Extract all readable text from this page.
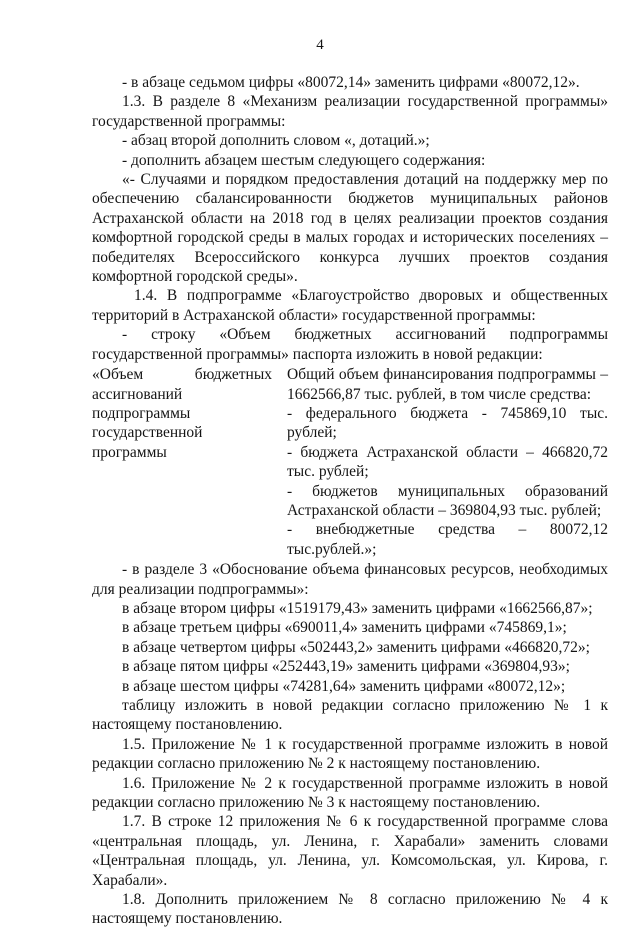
4

- в абзаце седьмом цифры «80072,14» заменить цифрами «80072,12».

1.3. В разделе 8 «Механизм реализации государственной программы» государственной программы:

- абзац второй дополнить словом «, дотаций.»;

- дополнить абзацем шестым следующего содержания:

«- Случаями и порядком предоставления дотаций на поддержку мер по обеспечению сбалансированности бюджетов муниципальных районов Астраханской области на 2018 год в целях реализации проектов создания комфортной городской среды в малых городах и исторических поселениях – победителях Всероссийского конкурса лучших проектов создания комфортной городской среды».

1.4. В подпрограмме «Благоустройство дворовых и общественных территорий в Астраханской области» государственной программы:

- строку «Объем бюджетных ассигнований подпрограммы государственной программы» паспорта изложить в новой редакции:

«Объем бюджетных ассигнований подпрограммы государственной программы

Общий объем финансирования подпрограммы – 1662566,87 тыс. рублей, в том числе средства:

- федерального бюджета - 745869,10 тыс. рублей;

- бюджета Астраханской области – 466820,72 тыс. рублей;

- бюджетов муниципальных образований Астраханской области – 369804,93 тыс. рублей;

- внебюджетные средства – 80072,12 тыс.рублей.»;

- в разделе 3 «Обоснование объема финансовых ресурсов, необходимых для реализации подпрограммы»:

в абзаце втором цифры «1519179,43» заменить цифрами «1662566,87»;

в абзаце третьем цифры «690011,4» заменить цифрами «745869,1»;

в абзаце четвертом цифры «502443,2» заменить цифрами «466820,72»;

в абзаце пятом цифры «252443,19» заменить цифрами «369804,93»;

в абзаце шестом цифры «74281,64» заменить цифрами «80072,12»;

таблицу изложить в новой редакции согласно приложению № 1 к настоящему постановлению.

1.5. Приложение № 1 к государственной программе изложить в новой редакции согласно приложению № 2 к настоящему постановлению.

1.6. Приложение № 2 к государственной программе изложить в новой редакции согласно приложению № 3 к настоящему постановлению.

1.7. В строке 12 приложения № 6 к государственной программе слова «центральная площадь, ул. Ленина, г. Харабали» заменить словами «Центральная площадь, ул. Ленина, ул. Комсомольская, ул. Кирова, г. Харабали».

1.8. Дополнить приложением № 8 согласно приложению № 4 к настоящему постановлению.
